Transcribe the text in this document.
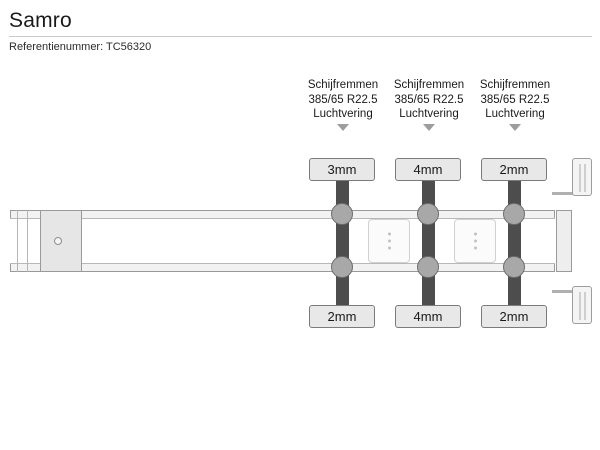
Samro
Referentienummer: TC56320
Schijfremmen
385/65 R22.5
Luchtvering
Schijfremmen
385/65 R22.5
Luchtvering
Schijfremmen
385/65 R22.5
Luchtvering
3mm	4mm	2mm
2mm	4mm	2mm
